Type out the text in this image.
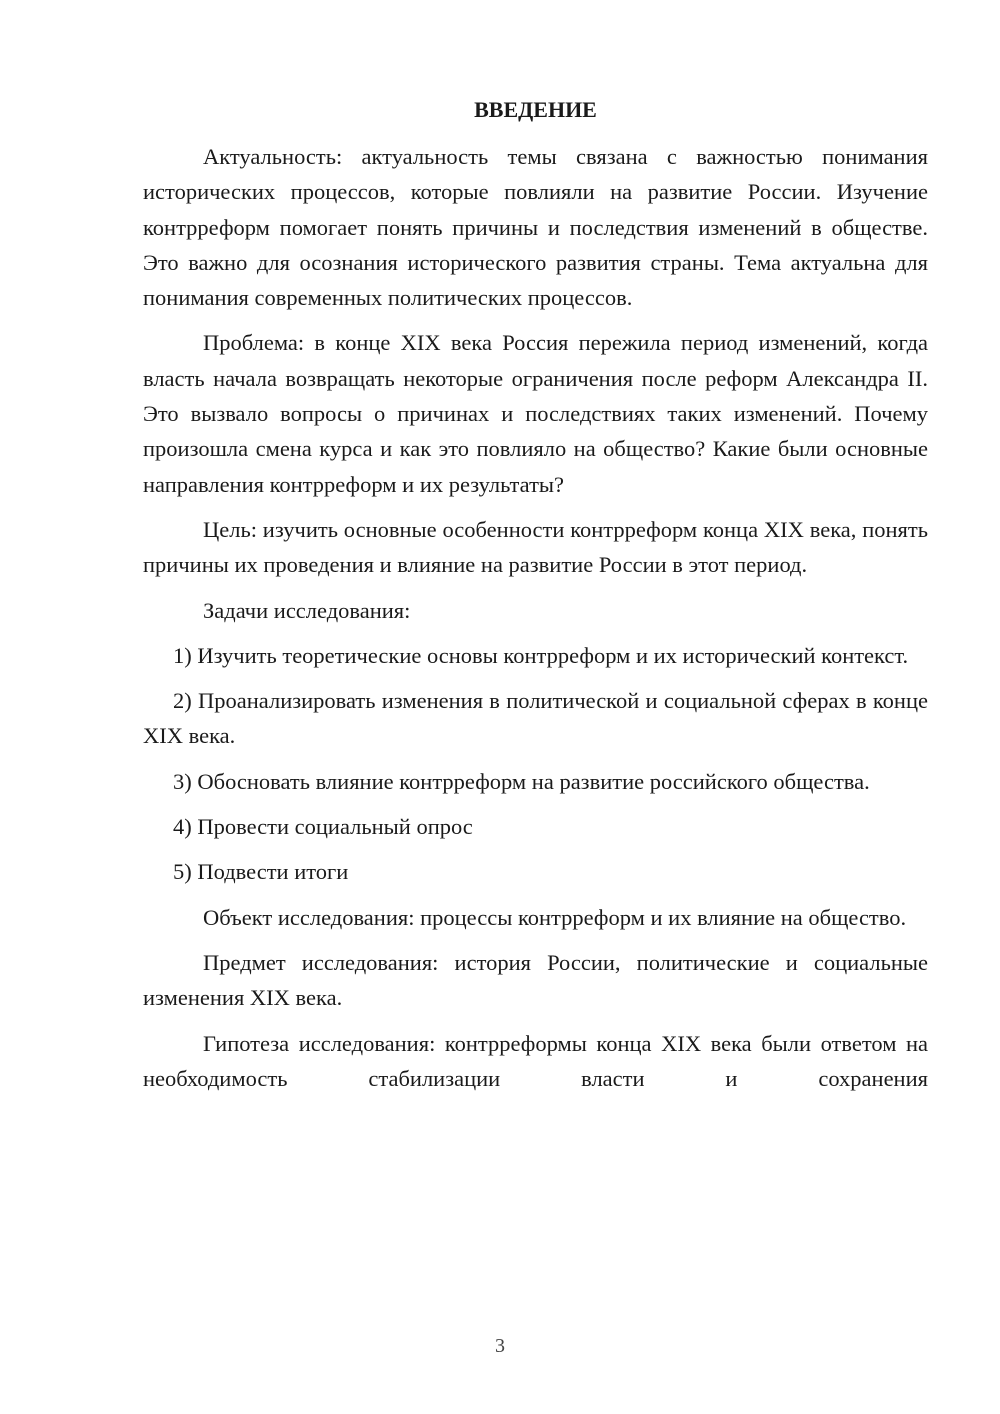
ВВЕДЕНИЕ

Актуальность: актуальность темы связана с важностью понимания исторических процессов, которые повлияли на развитие России. Изучение контрреформ помогает понять причины и последствия изменений в обществе. Это важно для осознания исторического развития страны. Тема актуальна для понимания современных политических процессов.

Проблема: в конце XIX века Россия пережила период изменений, когда власть начала возвращать некоторые ограничения после реформ Александра II. Это вызвало вопросы о причинах и последствиях таких изменений. Почему произошла смена курса и как это повлияло на общество? Какие были основные направления контрреформ и их результаты?

Цель: изучить основные особенности контрреформ конца XIX века, понять причины их проведения и влияние на развитие России в этот период.

Задачи исследования:

1) Изучить теоретические основы контрреформ и их исторический контекст.

2) Проанализировать изменения в политической и социальной сферах в конце XIX века.

3) Обосновать влияние контрреформ на развитие российского общества.

4) Провести социальный опрос

5) Подвести итоги

Объект исследования: процессы контрреформ и их влияние на общество.

Предмет исследования: история России, политические и социальные изменения XIX века.

Гипотеза исследования: контрреформы конца XIX века были ответом на необходимость стабилизации власти и сохранения

3
